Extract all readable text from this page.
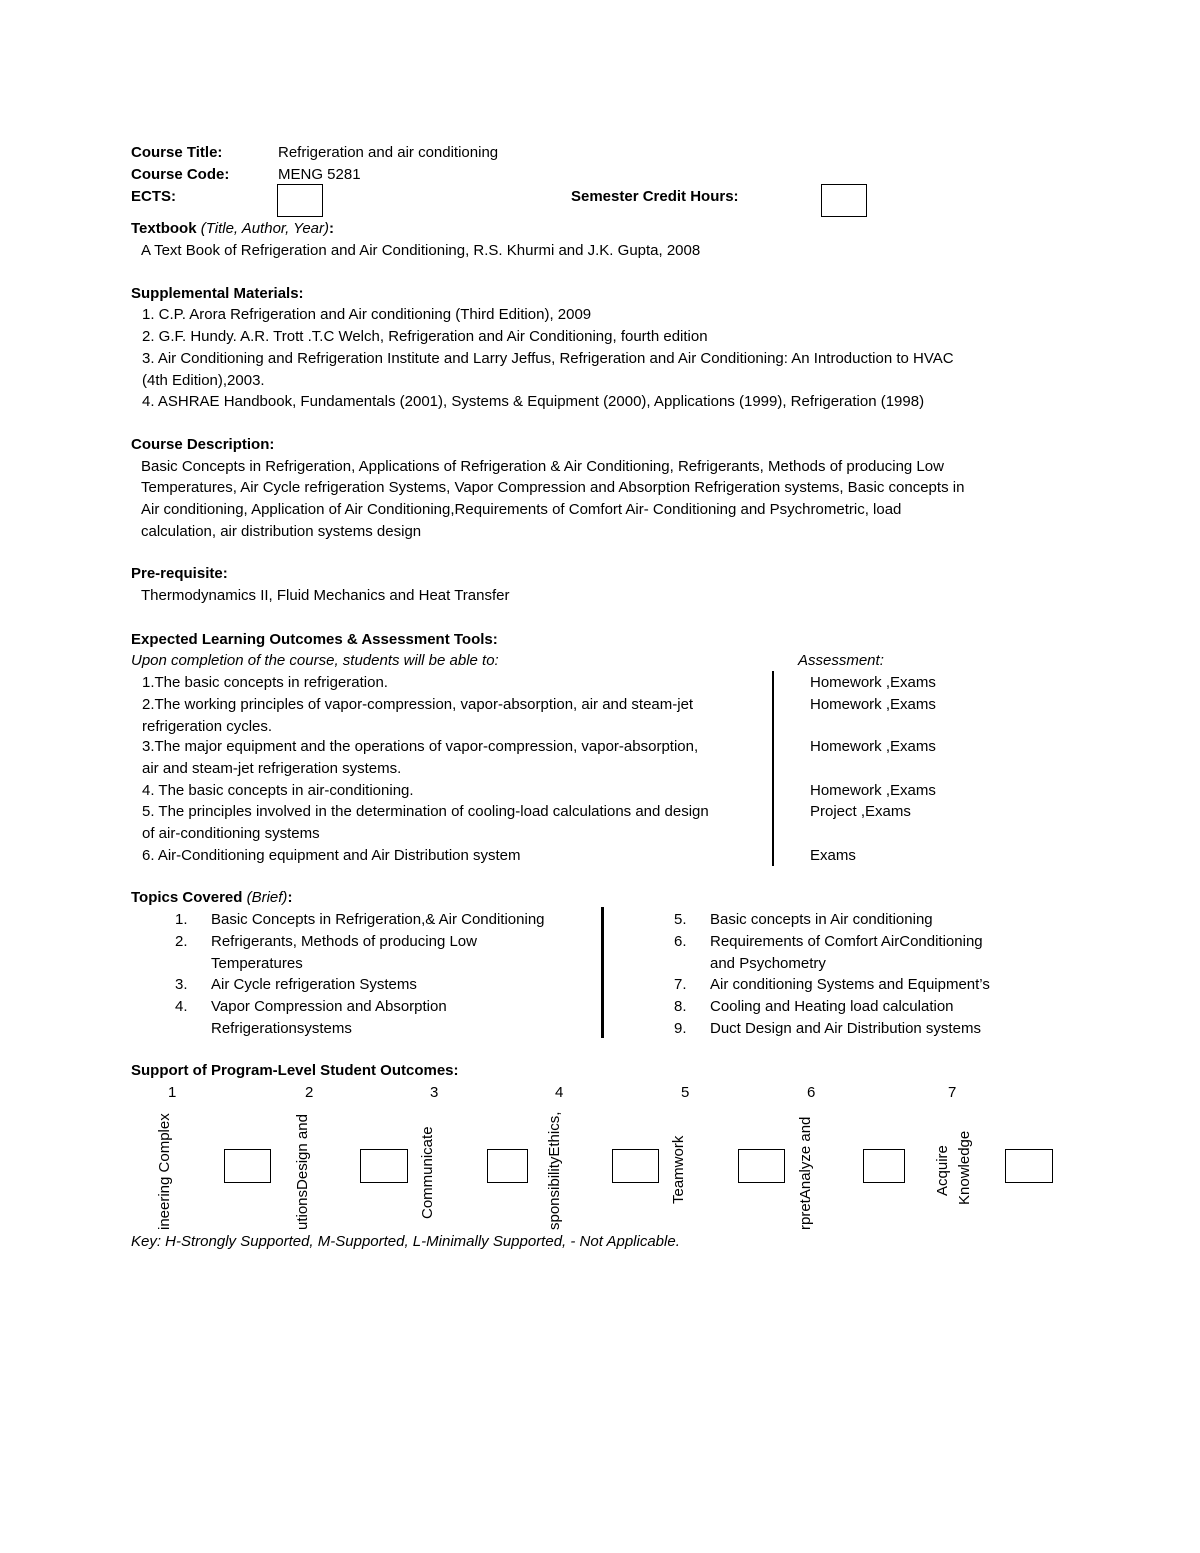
Course Title:	Refrigeration and air conditioning
Course Code:	MENG 5281
ECTS:	Semester Credit Hours:
Textbook (Title, Author, Year):
A Text Book of Refrigeration and Air Conditioning, R.S. Khurmi and J.K. Gupta, 2008
Supplemental Materials:
1. C.P. Arora Refrigeration and Air conditioning (Third Edition), 2009
2. G.F. Hundy. A.R. Trott .T.C Welch, Refrigeration and Air Conditioning, fourth edition
3. Air Conditioning and Refrigeration Institute and Larry Jeffus, Refrigeration and Air Conditioning: An Introduction to HVAC
(4th Edition),2003.
4. ASHRAE Handbook, Fundamentals (2001), Systems & Equipment (2000), Applications (1999), Refrigeration (1998)
Course Description:
Basic Concepts in Refrigeration, Applications of Refrigeration & Air Conditioning, Refrigerants, Methods of producing Low
Temperatures, Air Cycle refrigeration Systems, Vapor Compression and Absorption Refrigeration systems, Basic concepts in
Air conditioning, Application of Air Conditioning,Requirements of Comfort Air- Conditioning and Psychrometric, load
calculation, air distribution systems design
Pre-requisite:
Thermodynamics II, Fluid Mechanics and Heat Transfer
Expected Learning Outcomes & Assessment Tools:
Upon completion of the course, students will be able to:	Assessment:
1.The basic concepts in refrigeration.	Homework ,Exams
2.The working principles of vapor-compression, vapor-absorption, air and steam-jet
refrigeration cycles.
Homework ,Exams
3.The major equipment and the operations of vapor-compression, vapor-absorption,
air and steam-jet refrigeration systems.
Homework ,Exams
4. The basic concepts in air-conditioning.	Homework ,Exams
5. The principles involved in the determination of cooling-load calculations and design
of air-conditioning systems
Project ,Exams
6. Air-Conditioning equipment and Air Distribution system	Exams
Topics Covered (Brief):
1. Basic Concepts in Refrigeration,& Air Conditioning
2. Refrigerants, Methods of producing Low
Temperatures
3. Air Cycle refrigeration Systems
4. Vapor Compression and Absorption
Refrigerationsystems
5. Basic concepts in Air conditioning
6. Requirements of Comfort AirConditioning
and Psychometry
7. Air conditioning Systems and Equipment’s
8. Cooling and Heating load calculation
9. Duct Design and Air Distribution systems
Support of Program-Level Student Outcomes:
1	2	3	4	5	6	7
ineering Complex	utionsDesign and	Communicate	sponsibilityEthics,	Teamwork	rpretAnalyze and	Acquire Knowledge
Key: H-Strongly Supported, M-Supported, L-Minimally Supported, - Not Applicable.
